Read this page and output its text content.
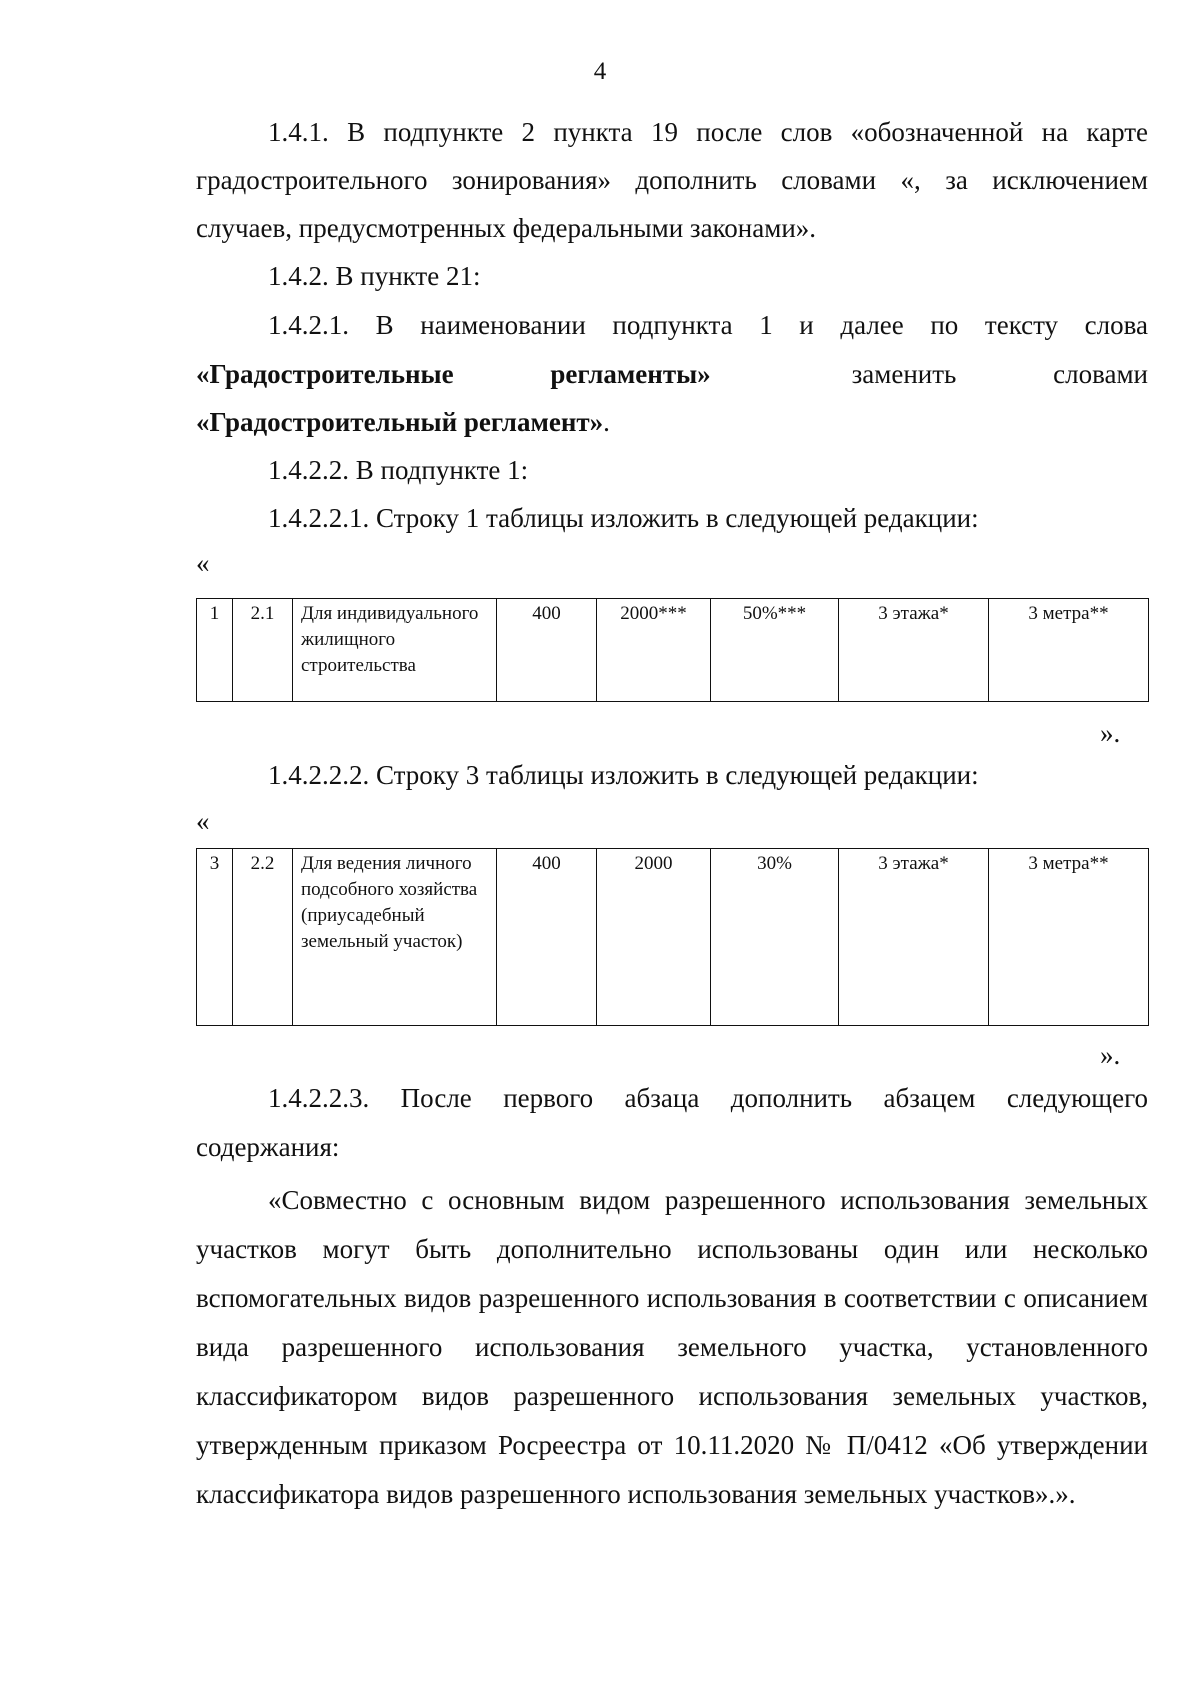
4

1.4.1. В подпункте 2 пункта 19 после слов «обозначенной на карте

градостроительного зонирования» дополнить словами «, за исключением

случаев, предусмотренных федеральными законами».

1.4.2. В пункте 21:

1.4.2.1. В наименовании подпункта 1 и далее по тексту слова

«Градостроительные регламенты»	заменить словами

«Градостроительный регламент».

1.4.2.2. В подпункте 1:

1.4.2.2.1. Строку 1 таблицы изложить в следующей редакции:

«
1	2.1	Для индивидуального жилищного строительства	400	2000***	50%***	3 этажа*	3 метра**
».

1.4.2.2.2. Строку 3 таблицы изложить в следующей редакции:

«
3	2.2	Для ведения личного подсобного хозяйства (приусадебный земельный участок)	400	2000	30%	3 этажа*	3 метра**
».

1.4.2.2.3. После первого абзаца дополнить абзацем следующего

содержания:

«Совместно с основным видом разрешенного использования земельных участков могут быть дополнительно использованы один или несколько вспомогательных видов разрешенного использования в соответствии с описанием вида разрешенного использования земельного участка, установленного классификатором видов разрешенного использования земельных участков, утвержденным приказом Росреестра от 10.11.2020 № П/0412 «Об утверждении классификатора видов разрешенного использования земельных участков».».
